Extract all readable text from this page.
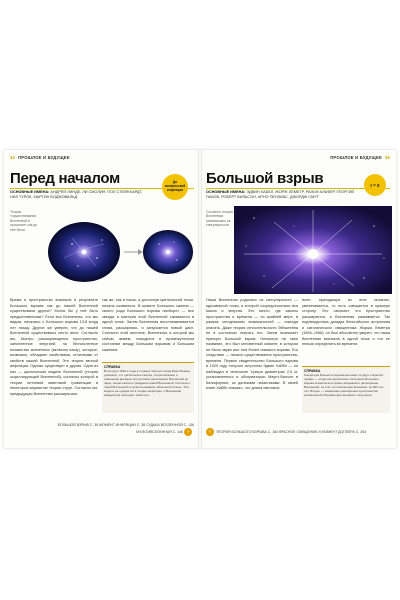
34 ПРОШЛОЕ И БУДУЩЕЕ
Перед началом
ОСНОВНЫЕ ИМЕНА: АНДРЕЙ ЛИНДЕ, ЛИ СМОЛИН, ПОЛ СТЕЙНХАРДТ, НИЛ ТУРОК, МАРТИН БОДЖОВАЛЬД
До космической инфляции
Теория «существования Вселенной в прошлом» как до неё были
Время и пространство возникли в результате Большого взрыва как до нашей Вселенной существовали другие? Могли бы у неё быть предшественники? Если вся Вселенная, что мы видим, началась с Большого взрыва 13,8 млрд лет назад. Другие же умерли, что до нашей Вселенной существовало нечто иное. Согласно им, быстро расширяющееся пространство, заполненное энергией, на бесчисленное множество вселенных (включая нашу), которые, возможно, обладают свойствами, отличными от свойств нашей Вселенной. Это теория вечной инфляции. Однако существует и другая. Одна из них — циклическая модель Вселенной (теория осциллирующей Вселенной), согласно которой в теории петлевой квантовой гравитации в некоторых вариантах теории струн. Согласно им, предыдущая Вселенная расширилась
так же, как и наша, а достигнув критической точки, начала сжиматься. В момент Большого сжатия — своего рода Большого взрыва наоборот — все звезды и материя этой Вселенной сжимаются в одной точке. Затем Вселенная восстанавливается снова, расширяясь, и запускается новый цикл. Согласно этой гипотезе, Вселенная, в которой мы сейчас живем, находится в промежуточном состоянии между Большим взрывом и Большим сжатием.
СПРАВКА
Во вторую 1960-е годы в странах Третьего мира Брюс Беккен доказали, что циклическое сжатие, сопротивление и изменение времени при условии расширения Вселенной до пары, затем сжатия и рождения новой Вселенной. Гипотеза о такой Вселенной получила название «Большой отскок». Эта модель не нуждается в теории инфляции, и Вселенная каждый раз повторяет свой путь.
БОЛЬШОЙ ВЗРЫВ С. 36 МОМЕНТ ИНФЛЯЦИИ С. 38 СУДЬБА ВСЕЛЕННОЙ С. 136
МУЛЬТИВСЕЛЕННАЯ С. 146 ›
ПРОШЛОЕ И БУДУЩЕЕ 35
Большой взрыв
ОСНОВНЫЕ ИМЕНА: ЭДВИН ХАББЛ, ЖОРЖ ЛЕМЕТР, РАЛЬФ АЛЬФЕР, ГЕОРГИЙ ГАМОВ, РОБЕРТ ВИЛЬСОН, АРНО ПЕНЗИАС, ДЖОРДЖ СМУТ
t = 0
Согласно теории, Вселенная развивалась из сингулярности
Наша Вселенная родилась из сингулярности — одномерной точки, в которой сосредоточилась вся масса и энергия. Это место, где законы пространства и времени — по крайней мере, в рамках сегодняшних возможностей — никогда описать. Даже теория относительности Эйнштейна не в состоянии описать его. Затем возникает принцип Большой взрыв. Несмотря на свое название, это был мгновенный момент, в котором не было звука или тем более никакого взрыва. Его следствие — начало существования пространства-времени. Первое свидетельство Большого взрыва в 1929 году получил астроном Эдвин Хаббл — он наблюдал в телескопе Хукера диаметром 2,5 м, установленного в обсерватории Маунт-Вилсон в Калифорнии, за далекими галактиками. В своей книге Хаббл показал, что длина световых
волн, приходящих из этих галактик, увеличивается, то есть смещается в красную сторону. Это означает, что пространство расширяется, а Вселенная развивается. Так подтвердилась догадка бельгийского астронома и католического священника Жоржа Леметра (1894–1966): он был абсолютно уверен, что наша Вселенная возникла в одной точке и что ее нельзя определить во времени.
СПРАВКА
Концепция Большого взрыва вытекает из двух открытий: первое — открытие реликтового излучения Большого взрыва космического фона, вскрывшего расширение Вселенной, за счет чего вселенная возникает за 300 тыс. лет. Второе — измерение расширения пространства космической обсерватории фонового излучения.
‹ ТЕОРИЯ БОЛЬШОГО ВЗРЫВА С. 184 КРАСНОЕ СМЕЩЕНИЕ И МОМЕНТ ДОПЛЕРА С. 264
